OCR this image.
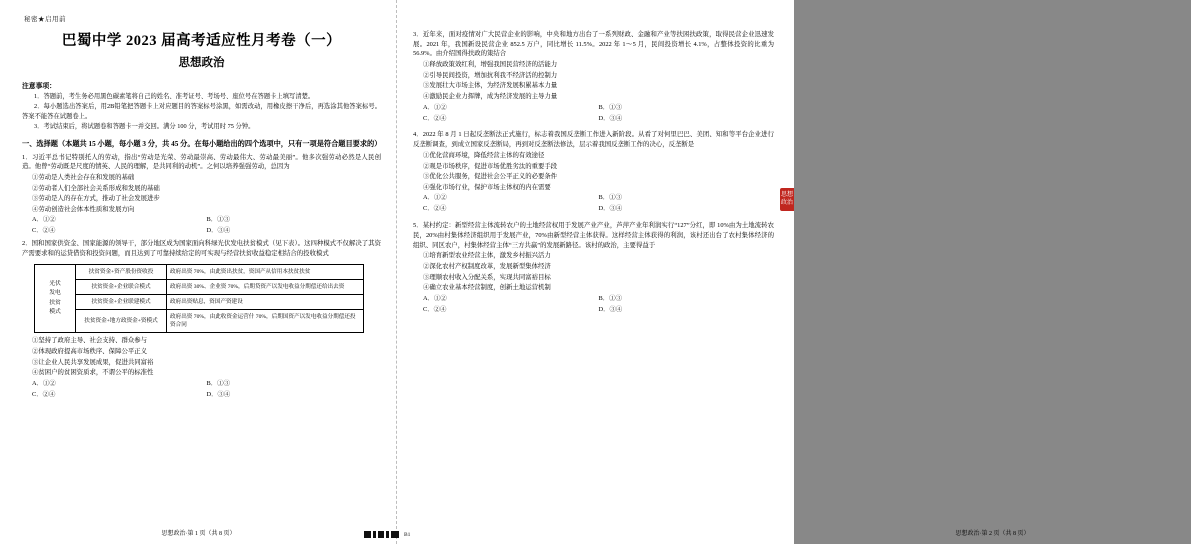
秘密★启用前
巴蜀中学 2023 届高考适应性月考卷（一）
思想政治
注意事项：
1．答题前，考生务必用黑色碳素笔将自己的姓名、准考证号、考场号、座位号在答题卡上填写清楚。
2．每小题选出答案后，用2B铅笔把答题卡上对应题目的答案标号涂黑，如需改动，用橡皮擦干净后，再选涂其他答案标号。答案不能答在试题卷上。
3．考试结束后，将试题卷和答题卡一并交回。满分 100 分，考试用时 75 分钟。
一、选择题（本题共 15 小题，每小题 3 分，共 45 分。在每小题给出的四个选项中，只有一项是符合题目要求的）
1．习近平总书记特别托人的劳动，指出“劳动是光荣、劳动最崇高、劳动最伟大、劳动最美丽”。他多次强劳动必然是人民创造。他曾“劳动既是尺度的情英、人民的理解，是共同利的动机”。之何以培养强强劳动，总因为
①劳动是人类社会存在和发展的基础
②劳动者人们全部社会关系形成和发展的基础
③劳动是人的存在方式，推动了社会发展进步
④劳动创造社会体本性质和发展方向
A．①②	B．①③
C．②④	D．③④
2．国和国家供资金、国家能源的领导干，部分地区成为国家面向科绿光伏发电扶贫模式（见下表）。这四种模式不仅解决了其资产需要求和的运贷借资和投资问题，而且达到了可靠持续给定的可实现与经营扶贫收益稳定相结合的投收模式
光伏
发电
扶贫
模式	扶贫资金+资产股份资收投	政府出资 70%，由此资出扶贫，资国产从信用本扶贫扶贫
	扶贫资金+企业联合模式	政府出资 30%、企业资 70%，后期贷资产以发电收益分期偿还给出去资
	扶贫资金+企业联建模式	政府出资贴息，资国产资建设
	扶贫资金+地方政资金+资模式	政府出资 70%，由此收资金运营什 70%，后期国资产以发电收益分期偿还投资合同
①坚持了政府主导、社会支持、群众参与
②体现政府提高市场秩序、保障公平正义
③让企业人民共享发展成果，促进共同富裕
④贫困户的贫困资质求，不谓公平的标准性
A．①②	B．①③
C．②④	D．③④
思想政治·第 1 页（共 8 页）
3．近年来，面对疫情对广大民营企业的影响，中央和地方出台了一系列财政、金融和产业等扶困扶政策，取得民营企业迅速发展。2021 年，我国新设民营企业 852.5 万户，同比增长 11.5%。2022 年 1～5 月，民间投资增长 4.1%，占整体投资的比重为 56.9%。由介绍国得扶政的策结合
①释放政策效红利，增强我国民营经济的活能力
②引导民间投资，增加抗利我不经济活的控制力
③发展壮大市场主体，为经济发展积累基本力量
④激励民企业力挥牌，成为经济发展的主导力量
A．①②	B．①③
C．②④	D．③④
4．2022 年 8 月 1 日起反垄断法正式施行，标志着我国反垄断工作进入新阶段。从看了对何里巴巴、美团、知和等平台企业进行反垄断调查，到成立国家反垄断局，再到对反垄断法修法，层示着我国反垄断工作的决心，反垄断是
①优化营商环境，降低经营主体的有效途径
②观是市场秩序，促进市场优胜劣汰的重要手段
③优化公共服务，促进社会公平正义的必要条件
④强化市场行业，保护市场主体权的内在需要
A．①②	B．①③
C．②④	D．③④
5．某村约定：新型经营主体流转农户的土地经营权用于发展产业产业，芦萍产业年利润实行“127”分红，即 10%由为土地流转农民，20%由村集体经济组织用于发展产业，70%由新型经营主体获得。这样经营主体获得的利润，该村还出台了农村集体经济的组织、同区农户，村集体经营主体“三方共赢”的发展新路径。该村的政治，主要得益于
①培育新型农业经营主体，激发乡村振兴活力
②深化农村产权制度改革，发展新型集体经济
③理顺农村收入分配关系，实现共同富裕目标
④确立农业基本经营制度，创新土地运营机制
A．①②	B．①③
C．②④	D．③④
思想政治·第 2 页（共 8 页）
B1
思想政治
